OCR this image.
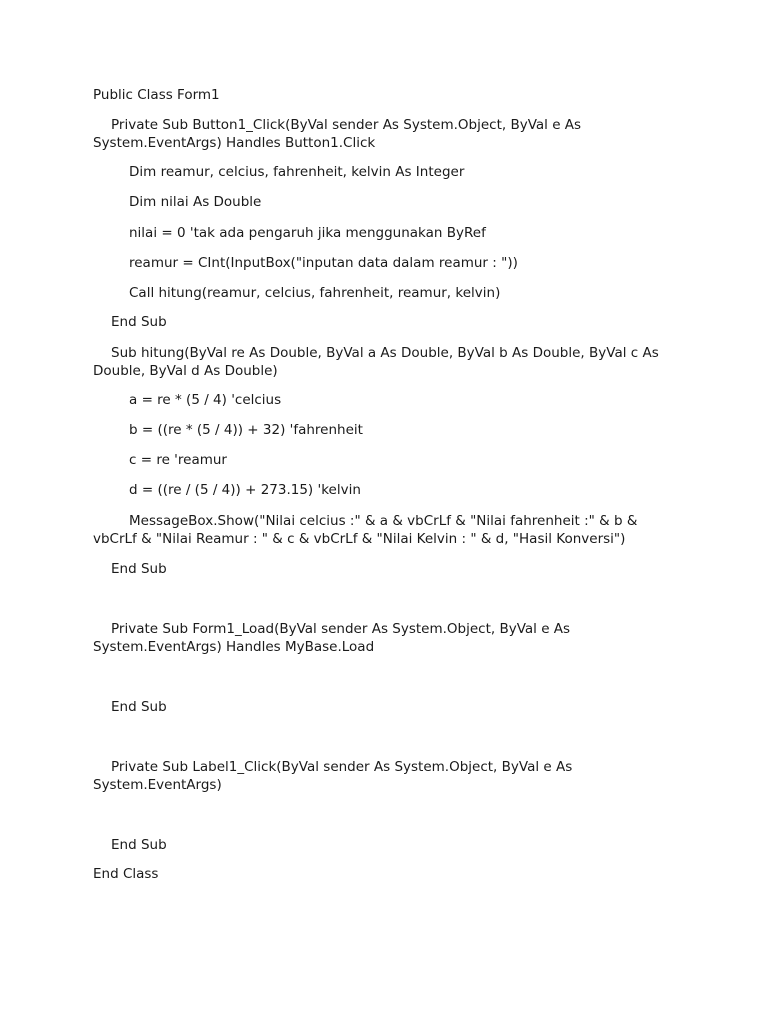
Public Class Form1
Private Sub Button1_Click(ByVal sender As System.Object, ByVal e As System.EventArgs) Handles Button1.Click
Dim reamur, celcius, fahrenheit, kelvin As Integer
Dim nilai As Double
nilai = 0 'tak ada pengaruh jika menggunakan ByRef
reamur = CInt(InputBox("inputan data dalam reamur : "))
Call hitung(reamur, celcius, fahrenheit, reamur, kelvin)
End Sub
Sub hitung(ByVal re As Double, ByVal a As Double, ByVal b As Double, ByVal c As Double, ByVal d As Double)
a = re * (5 / 4) 'celcius
b = ((re * (5 / 4)) + 32) 'fahrenheit
c = re 'reamur
d = ((re / (5 / 4)) + 273.15) 'kelvin
MessageBox.Show("Nilai celcius :" & a & vbCrLf & "Nilai fahrenheit :" & b & vbCrLf & "Nilai Reamur : " & c & vbCrLf & "Nilai Kelvin : " & d, "Hasil Konversi")
End Sub
Private Sub Form1_Load(ByVal sender As System.Object, ByVal e As System.EventArgs) Handles MyBase.Load
End Sub
Private Sub Label1_Click(ByVal sender As System.Object, ByVal e As System.EventArgs)
End Sub
End Class
